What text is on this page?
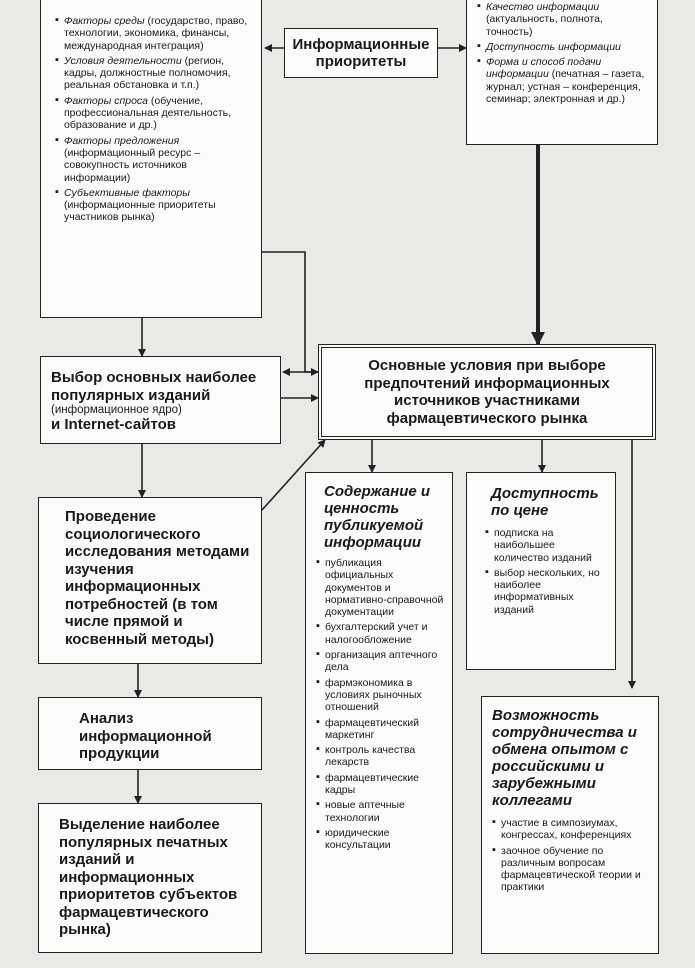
▪ Факторы среды (государство, право, технологии, экономика, финансы, международная интеграция)
▪ Условия деятельности (регион, кадры, должностные полномочия, реальная обстановка и т.п.)
▪ Факторы спроса (обучение, профессиональная деятельность, образование и др.)
▪ Факторы предложения (информационный ресурс – совокупность источников информации)
▪ Субъективные факторы (информационные приоритеты участников рынка)
Информационные приоритеты
▪ Качество информации (актуальность, полнота, точность)
▪ Доступность информации
▪ Форма и способ подачи информации (печатная – газета, журнал; устная – конференция, семинар; электронная и др.)
Выбор основных наиболее популярных изданий
(информационное ядро)
и Internet-сайтов
Основные условия при выборе предпочтений информационных источников участниками фармацевтического рынка
Проведение социологического исследования методами изучения информационных потребностей (в том числе прямой и косвенный методы)
Анализ информационной продукции
Выделение наиболее популярных печатных изданий и информационных приоритетов субъектов фармацевтического рынка)
Содержание и ценность публикуемой информации
▪ публикация официальных документов и нормативно-справочной документации
▪ бухгалтерский учет и налогообложение
▪ организация аптечного дела
▪ фармэкономика в условиях рыночных отношений
▪ фармацевтический маркетинг
▪ контроль качества лекарств
▪ фармацевтические кадры
▪ новые аптечные технологии
▪ юридические консультации
Доступность по цене
▪ подписка на наибольшее количество изданий
▪ выбор нескольких, но наиболее информативных изданий
Возможность сотрудничества и обмена опытом с российскими и зарубежными коллегами
▪ участие в симпозиумах, конгрессах, конференциях
▪ заочное обучение по различным вопросам фармацевтической теории и практики
